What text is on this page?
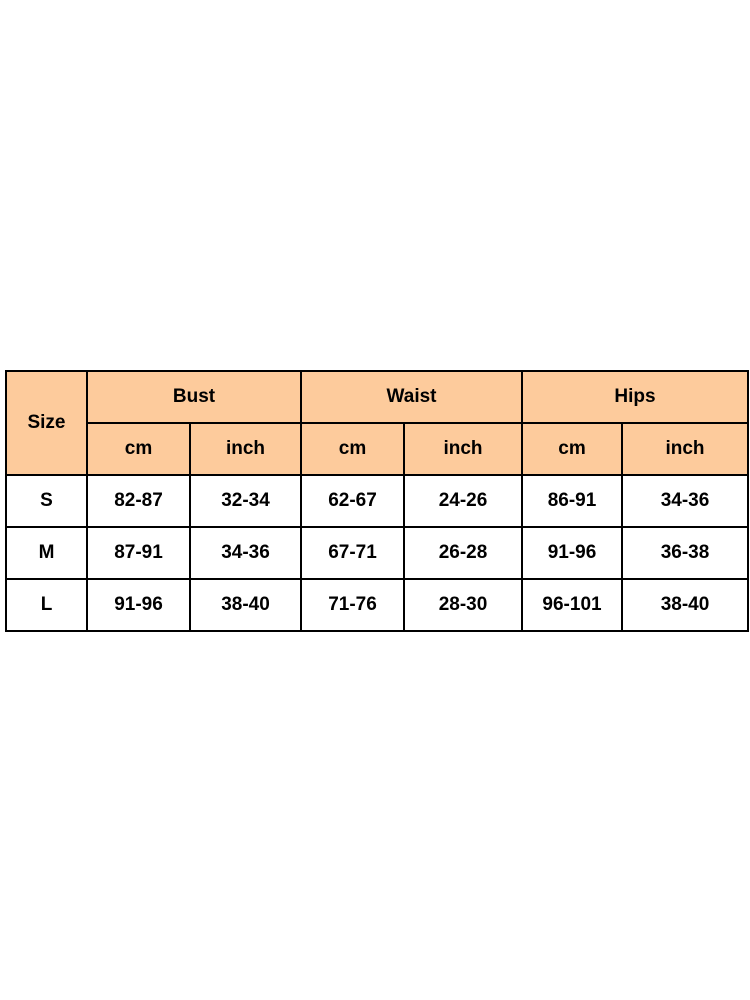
Size	Bust		Waist		Hips	
	cm	inch	cm	inch	cm	inch
S	82-87	32-34	62-67	24-26	86-91	34-36
M	87-91	34-36	67-71	26-28	91-96	36-38
L	91-96	38-40	71-76	28-30	96-101	38-40
